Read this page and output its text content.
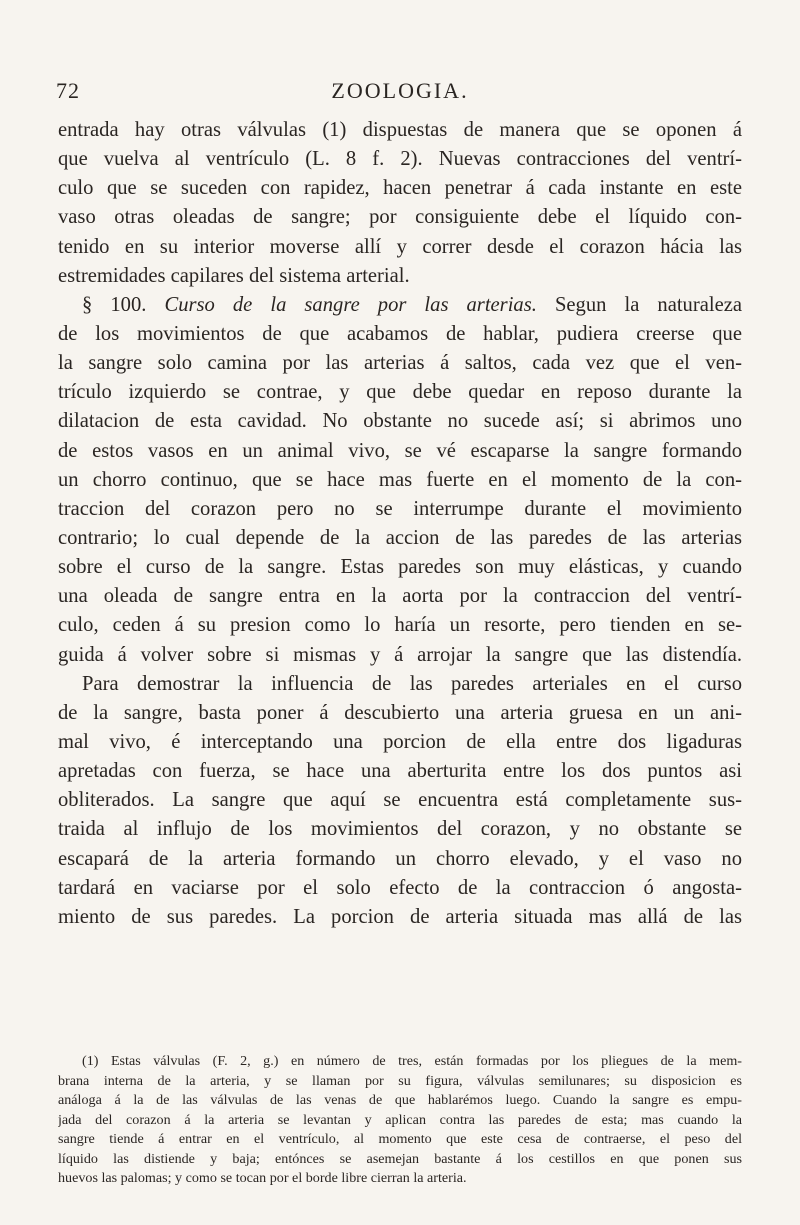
72	ZOOLOGIA.
entrada hay otras válvulas (1) dispuestas de manera que se oponen á
que vuelva al ventrículo (L. 8 f. 2). Nuevas contracciones del ventrí-
culo que se suceden con rapidez, hacen penetrar á cada instante en este
vaso otras oleadas de sangre; por consiguiente debe el líquido con-
tenido en su interior moverse allí y correr desde el corazon hácia las
estremidades capilares del sistema arterial.
§ 100. Curso de la sangre por las arterias. Segun la naturaleza
de los movimientos de que acabamos de hablar, pudiera creerse que
la sangre solo camina por las arterias á saltos, cada vez que el ven-
trículo izquierdo se contrae, y que debe quedar en reposo durante la
dilatacion de esta cavidad. No obstante no sucede así; si abrimos uno
de estos vasos en un animal vivo, se vé escaparse la sangre formando
un chorro continuo, que se hace mas fuerte en el momento de la con-
traccion del corazon pero no se interrumpe durante el movimiento
contrario; lo cual depende de la accion de las paredes de las arterias
sobre el curso de la sangre. Estas paredes son muy elásticas, y cuando
una oleada de sangre entra en la aorta por la contraccion del ventrí-
culo, ceden á su presion como lo haría un resorte, pero tienden en se-
guida á volver sobre si mismas y á arrojar la sangre que las distendía.
Para demostrar la influencia de las paredes arteriales en el curso
de la sangre, basta poner á descubierto una arteria gruesa en un ani-
mal vivo, é interceptando una porcion de ella entre dos ligaduras
apretadas con fuerza, se hace una aberturita entre los dos puntos asi
obliterados. La sangre que aquí se encuentra está completamente sus-
traida al influjo de los movimientos del corazon, y no obstante se
escapará de la arteria formando un chorro elevado, y el vaso no
tardará en vaciarse por el solo efecto de la contraccion ó angosta-
miento de sus paredes. La porcion de arteria situada mas allá de las
(1) Estas válvulas (F. 2, g.) en número de tres, están formadas por los pliegues de la mem-
brana interna de la arteria, y se llaman por su figura, válvulas semilunares; su disposicion es
análoga á la de las válvulas de las venas de que hablarémos luego. Cuando la sangre es empu-
jada del corazon á la arteria se levantan y aplican contra las paredes de esta; mas cuando la
sangre tiende á entrar en el ventrículo, al momento que este cesa de contraerse, el peso del
líquido las distiende y baja; entónces se asemejan bastante á los cestillos en que ponen sus
huevos las palomas; y como se tocan por el borde libre cierran la arteria.
